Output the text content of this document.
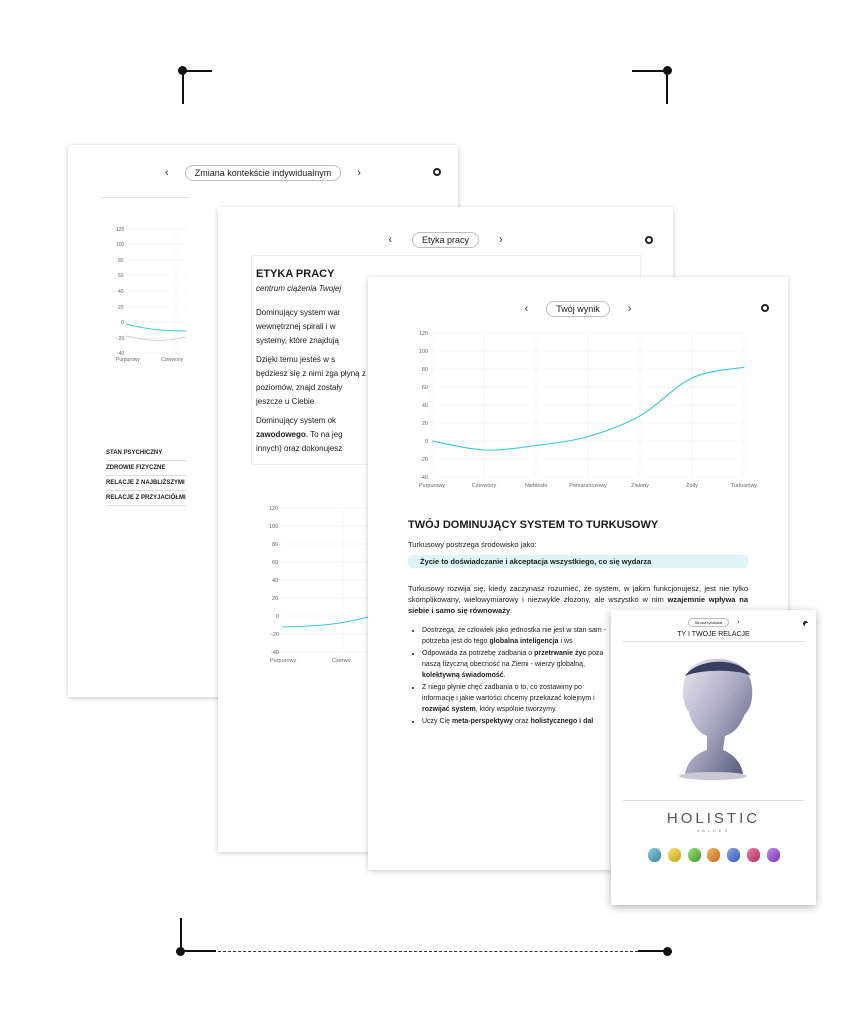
‹	Zmiana kontekście indywidualnym	›
120
100
80
60
40
20
0
-20
-40
Purpurowy	Czerwony
STAN PSYCHICZNY
ZDROWIE FIZYCZNE
RELACJE Z NAJBLIŻSZYMI
RELACJE Z PRZYJACIÓŁMI
‹	Etyka pracy	›
ETYKA PRACY
centrum ciążenia Twojej
Dominujący system war wewnętrznej spirali i w systemy, które znajdują
Dzięki temu jesteś w s będziesz się z nimi zga płyną z poziomów, znajd zostały jeszcze u Ciebie
Dominujący system ok
zawodowego. To na jeg
innych) oraz dokonujesz
120
100
80
60
40
20
0
-20
-40
Purpurowy	Czerwo
‹	Twój wynik	›
120
100
80
60
40
20
0
-20
-40
Purpurowy	Czerwony	Niebieski	Pomarańczowy	Zielony	Żółty	Turkusowy
TWÓJ DOMINUJĄCY SYSTEM TO TURKUSOWY
Turkusowy postrzega środowisko jako:
Życie to doświadczanie i akceptacja wszystkiego, co się wydarza
Turkusowy rozwija się, kiedy zaczynasz rozumieć, że system, w jakim funkcjonujesz, jest nie tylko skomplikowany, wielowymiarowy i niezwykle złożony, ale wszystko w nim wzajemnie wpływa na siebie i samo się równoważy.
• Dostrzega, że człowiek jako jednostka nie jest w stan sam - potrzeba jest do tego globalna inteligencja i ws
• Odpowiada za potrzebę zadbania o przetrwanie życ poza naszą fizyczną obecność na Ziemi - wierzy globalną, kolektywną świadomość.
• Z niego płynie chęć zadbania o to, co zostawimy po informację i jakie wartości chcemy przekazać kolejnym i rozwijać system, który wspólnie tworzymy.
• Uczy Cię meta-perspektywy oraz holistycznego i dal
Strona tytułowa	›
TY I TWOJE RELACJE
HOLISTIC
VALUES
